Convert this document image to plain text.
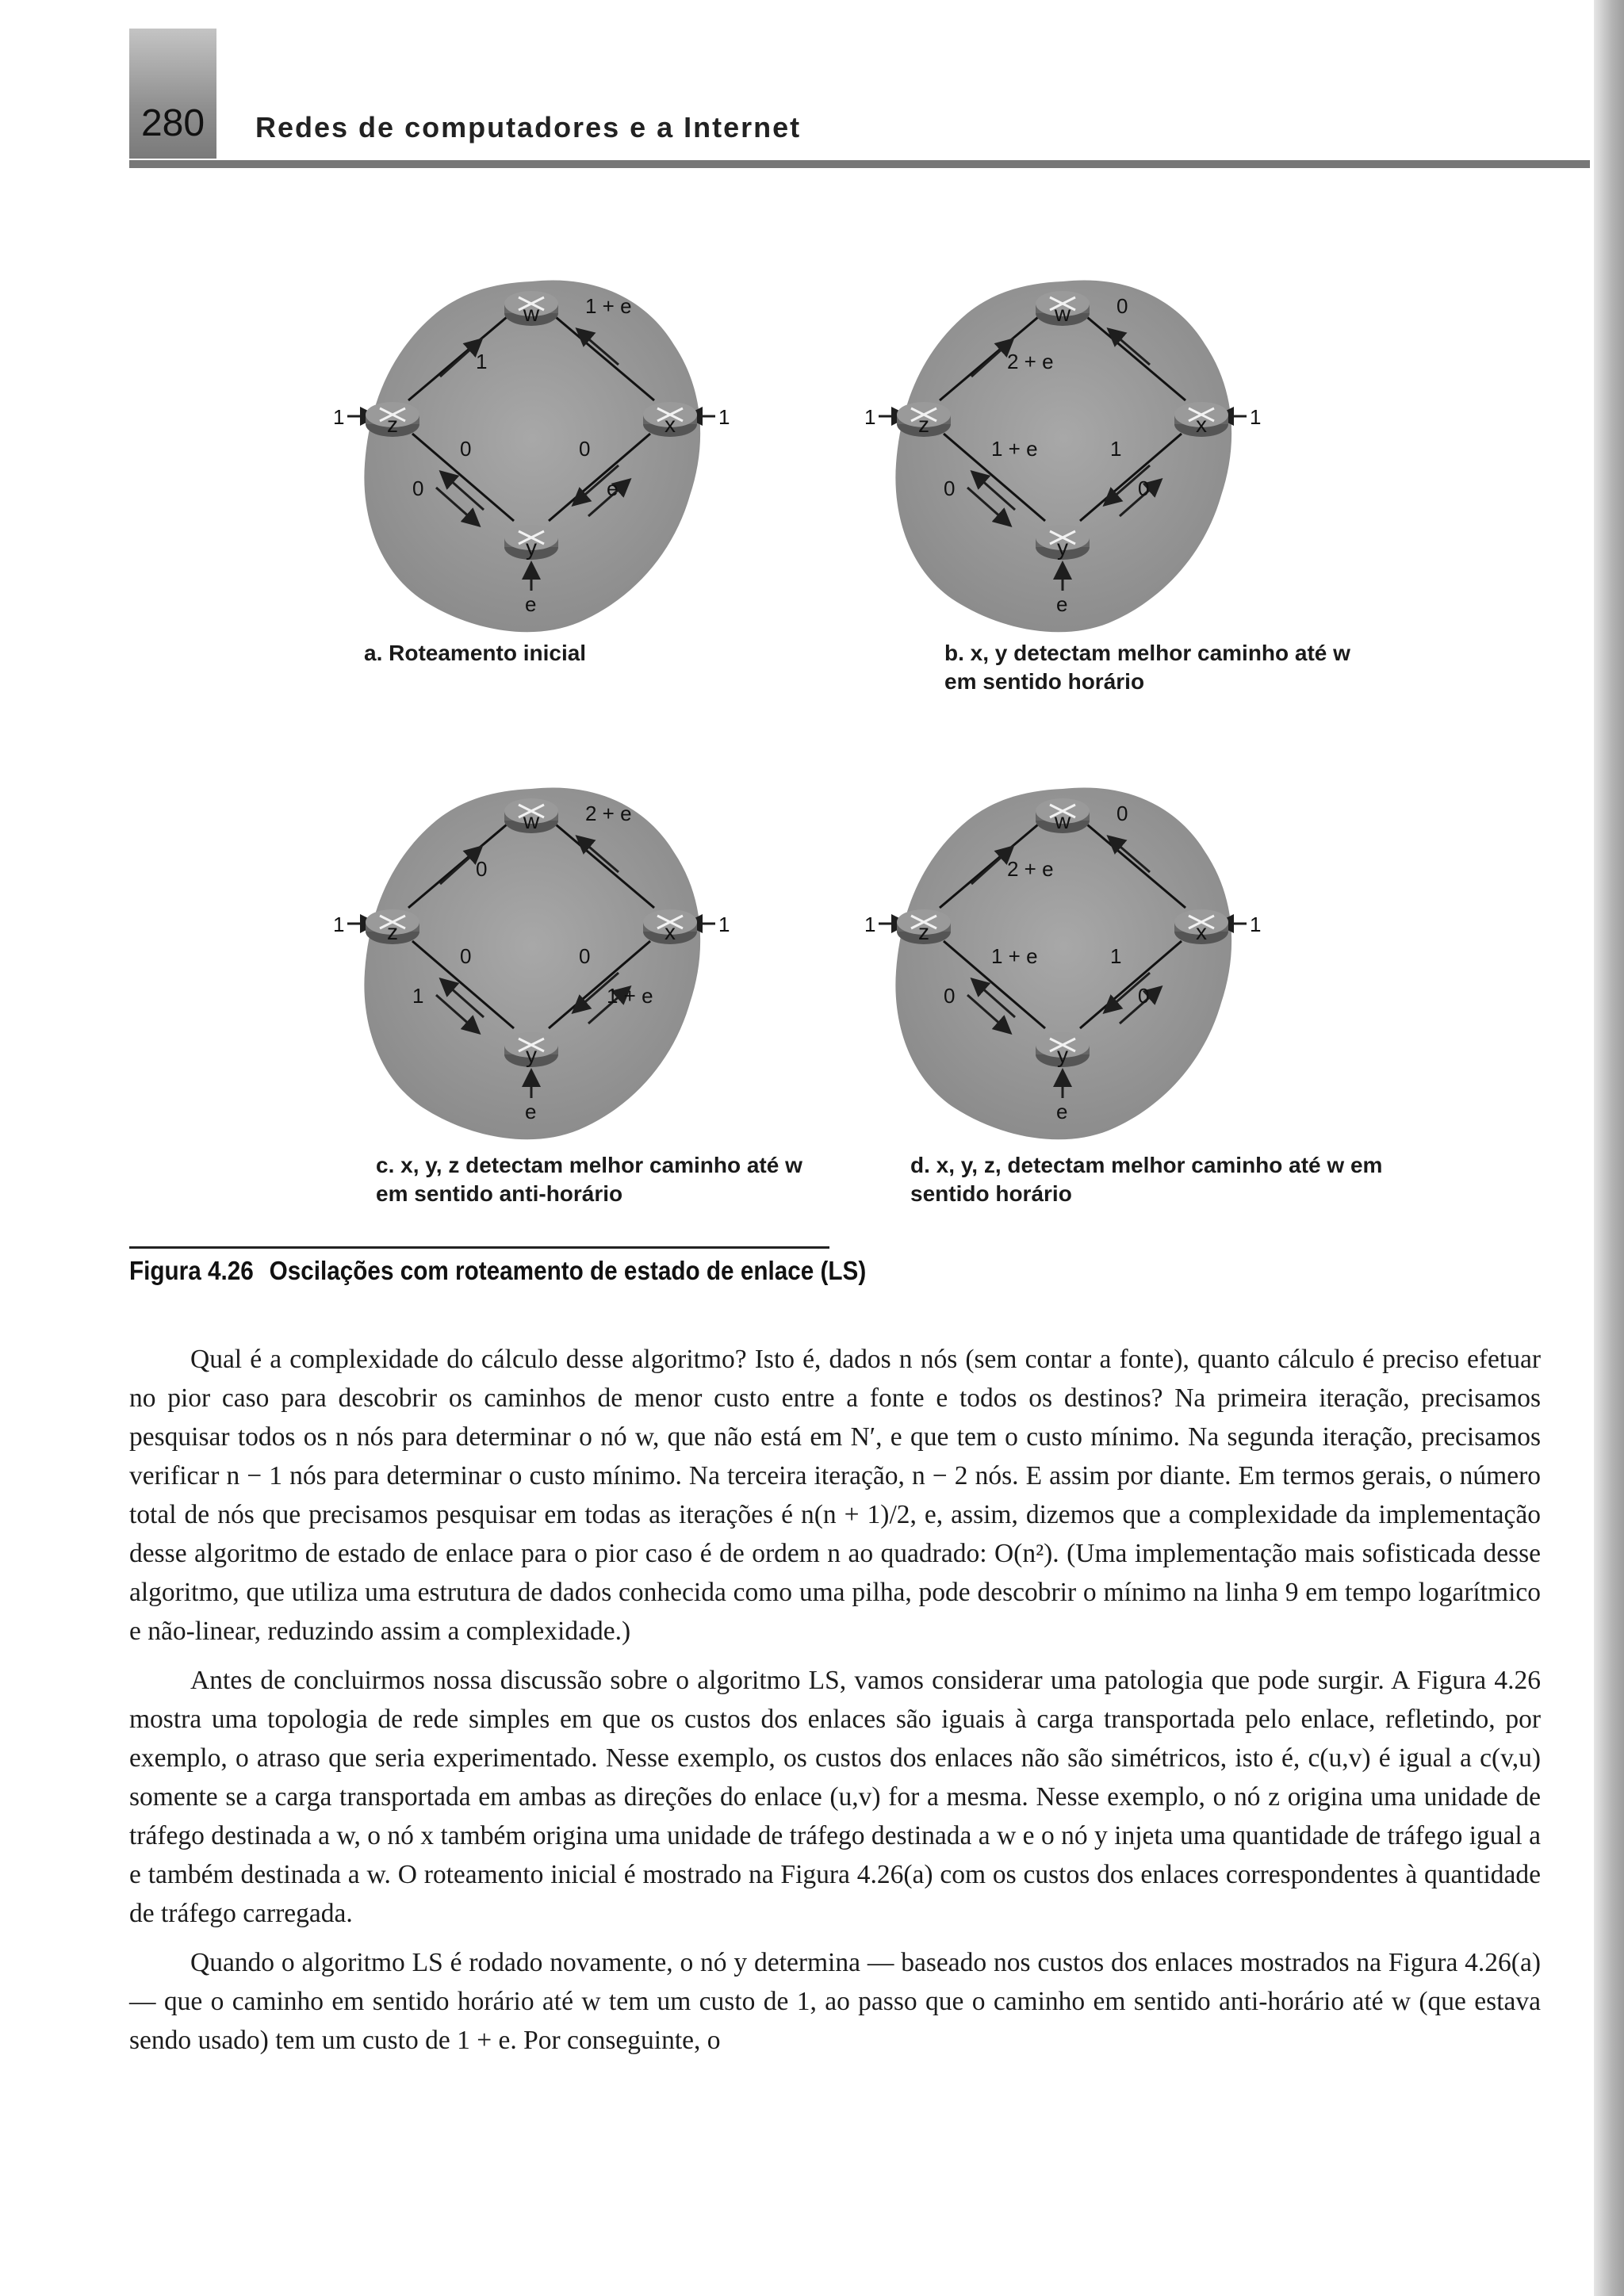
280	Redes de computadores e a Internet
w
z	x
y
1
1 + e
0
0
0
e
1	1
e
w
z	x
y
2 + e
0
1 + e
0
1
0
1	1
e
w
z	x
y
0
2 + e
0
1
0
1 + e
1	1
e
w
z	x
y
2 + e
0
1 + e
0
1
0
1	1
e
a. Roteamento inicial	b. x, y detectam melhor caminho até w em sentido horário
c. x, y, z detectam melhor caminho até w em sentido anti-horário
d. x, y, z, detectam melhor caminho até w em sentido horário
Figura 4.26 Oscilações com roteamento de estado de enlace (LS)

Qual é a complexidade do cálculo desse algoritmo? Isto é, dados n nós (sem contar a fonte), quanto cálculo é preciso efetuar no pior caso para descobrir os caminhos de menor custo entre a fonte e todos os destinos? Na primeira iteração, precisamos pesquisar todos os n nós para determinar o nó w, que não está em N′, e que tem o custo mínimo. Na segunda iteração, precisamos verificar n − 1 nós para determinar o custo mínimo. Na terceira iteração, n − 2 nós. E assim por diante. Em termos gerais, o número total de nós que precisamos pesquisar em todas as iterações é n(n + 1)/2, e, assim, dizemos que a complexidade da implementação desse algoritmo de estado de enlace para o pior caso é de ordem n ao quadrado: O(n²). (Uma implementação mais sofisticada desse algoritmo, que utiliza uma estrutura de dados conhecida como uma pilha, pode descobrir o mínimo na linha 9 em tempo logarítmico e não-linear, reduzindo assim a complexidade.)

Antes de concluirmos nossa discussão sobre o algoritmo LS, vamos considerar uma patologia que pode surgir. A Figura 4.26 mostra uma topologia de rede simples em que os custos dos enlaces são iguais à carga transportada pelo enlace, refletindo, por exemplo, o atraso que seria experimentado. Nesse exemplo, os custos dos enlaces não são simétricos, isto é, c(u,v) é igual a c(v,u) somente se a carga transportada em ambas as direções do enlace (u,v) for a mesma. Nesse exemplo, o nó z origina uma unidade de tráfego destinada a w, o nó x também origina uma unidade de tráfego destinada a w e o nó y injeta uma quantidade de tráfego igual a e também destinada a w. O roteamento inicial é mostrado na Figura 4.26(a) com os custos dos enlaces correspondentes à quantidade de tráfego carregada.

Quando o algoritmo LS é rodado novamente, o nó y determina — baseado nos custos dos enlaces mostrados na Figura 4.26(a) — que o caminho em sentido horário até w tem um custo de 1, ao passo que o caminho em sentido anti-horário até w (que estava sendo usado) tem um custo de 1 + e. Por conseguinte, o
